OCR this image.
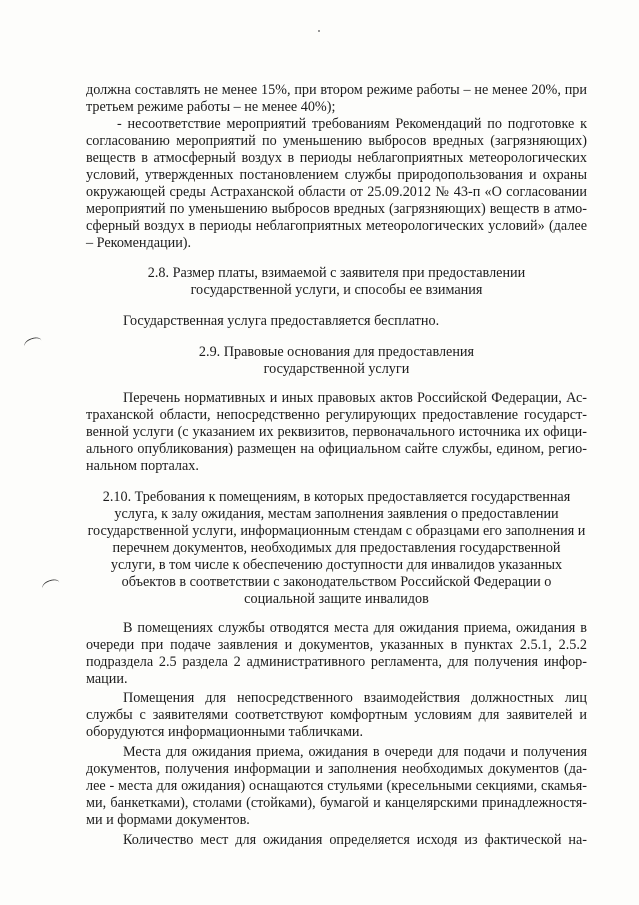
должна составлять не менее 15%, при втором режиме работы – не менее 20%, при
третьем режиме работы – не менее 40%);
- несоответствие мероприятий требованиям Рекомендаций по подготовке к
согласованию мероприятий по уменьшению выбросов вредных (загрязняющих)
веществ в атмосферный воздух в периоды неблагоприятных метеорологических
условий, утвержденных постановлением службы природопользования и охраны
окружающей среды Астраханской области от 25.09.2012 № 43-п «О согласовании
мероприятий по уменьшению выбросов вредных (загрязняющих) веществ в атмо-
сферный воздух в периоды неблагоприятных метеорологических условий» (далее
– Рекомендации).
2.8. Размер платы, взимаемой с заявителя при предоставлении
государственной услуги, и способы ее взимания
Государственная услуга предоставляется бесплатно.
2.9. Правовые основания для предоставления
государственной услуги
Перечень нормативных и иных правовых актов Российской Федерации, Ас-
траханской области, непосредственно регулирующих предоставление государст-
венной услуги (с указанием их реквизитов, первоначального источника их офици-
ального опубликования) размещен на официальном сайте службы, едином, регио-
нальном порталах.
2.10. Требования к помещениям, в которых предоставляется государственная
услуга, к залу ожидания, местам заполнения заявления о предоставлении
государственной услуги, информационным стендам с образцами его заполнения и
перечнем документов, необходимых для предоставления государственной
услуги, в том числе к обеспечению доступности для инвалидов указанных
объектов в соответствии с законодательством Российской Федерации о
социальной защите инвалидов
В помещениях службы отводятся места для ожидания приема, ожидания в
очереди при подаче заявления и документов, указанных в пунктах 2.5.1, 2.5.2
подраздела 2.5 раздела 2 административного регламента, для получения инфор-
мации.
Помещения для непосредственного взаимодействия должностных лиц
службы с заявителями соответствуют комфортным условиям для заявителей и
оборудуются информационными табличками.
Места для ожидания приема, ожидания в очереди для подачи и получения
документов, получения информации и заполнения необходимых документов (да-
лее - места для ожидания) оснащаются стульями (кресельными секциями, скамья-
ми, банкетками), столами (стойками), бумагой и канцелярскими принадлежностя-
ми и формами документов.
Количество мест для ожидания определяется исходя из фактической на-
